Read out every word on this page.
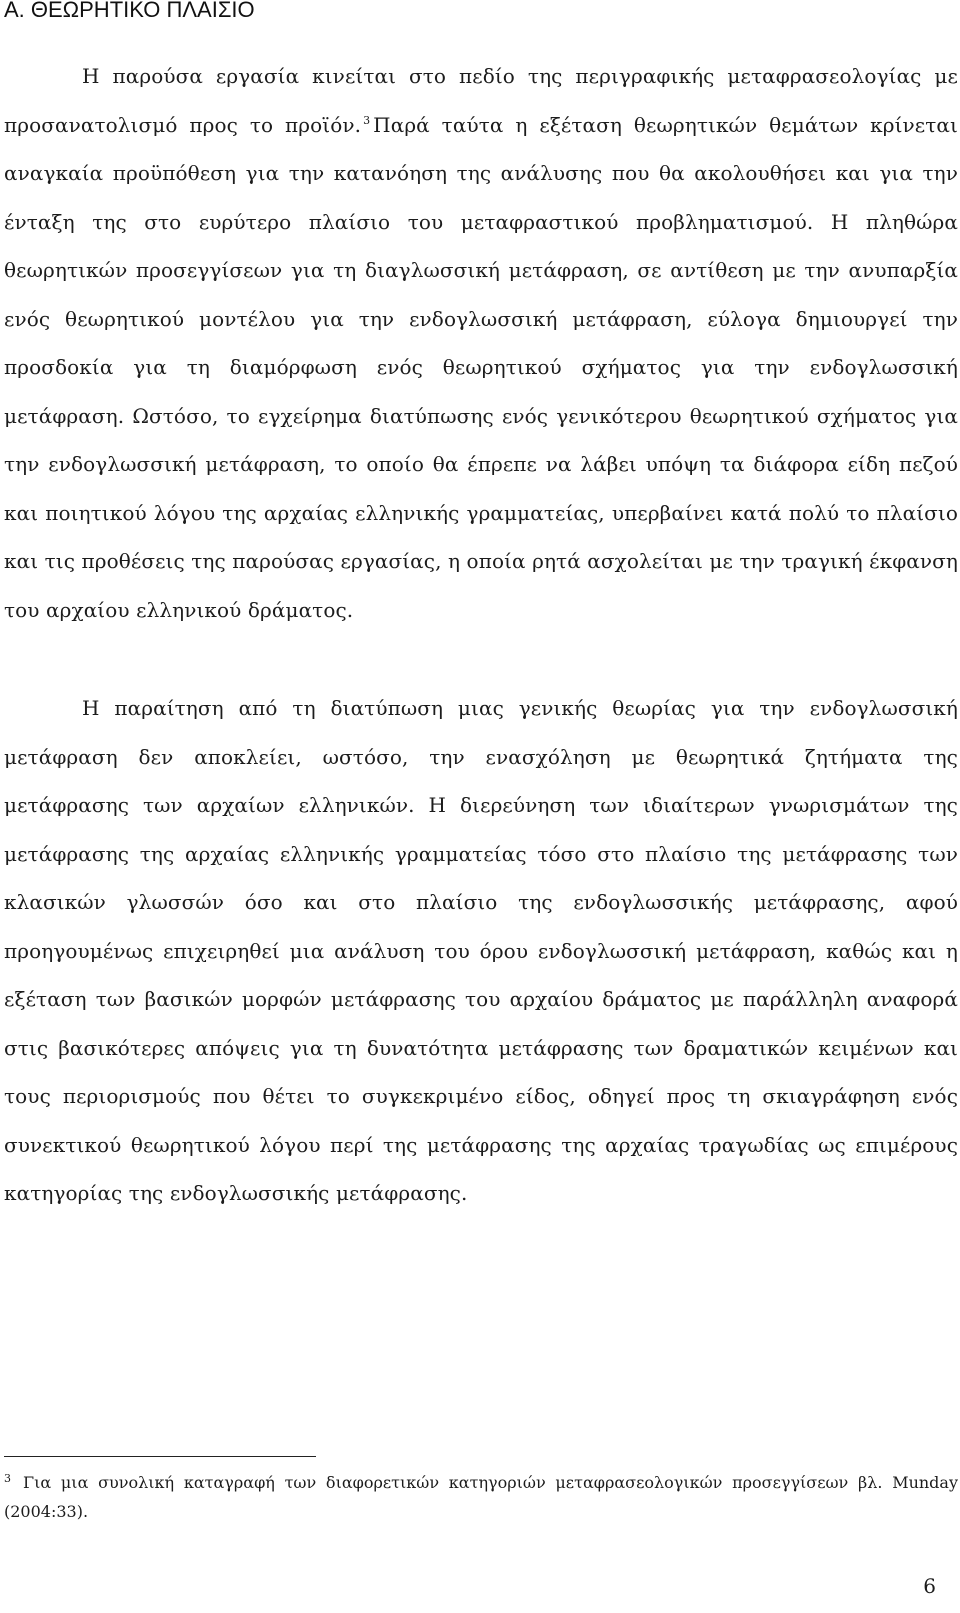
Α. ΘΕΩΡΗΤΙΚΟ ΠΛΑΙΣΙΟ

Η παρούσα εργασία κινείται στο πεδίο της περιγραφικής μεταφρασεολογίας με προσανατολισμό προς το προϊόν. $^3$ Παρά ταύτα η εξέταση θεωρητικών θεμάτων κρίνεται αναγκαία προϋπόθεση για την κατανόηση της ανάλυσης που θα ακολουθήσει και για την ένταξη της στο ευρύτερο πλαίσιο του μεταφραστικού προβληματισμού. Η πληθώρα θεωρητικών προσεγγίσεων για τη διαγλωσσική μετάφραση, σε αντίθεση με την ανυπαρξία ενός θεωρητικού μοντέλου για την ενδογλωσσική μετάφραση, εύλογα δημιουργεί την προσδοκία για τη διαμόρφωση ενός θεωρητικού σχήματος για την ενδογλωσσική μετάφραση. Ωστόσο, το εγχείρημα διατύπωσης ενός γενικότερου θεωρητικού σχήματος για την ενδογλωσσική μετάφραση, το οποίο θα έπρεπε να λάβει υπόψη τα διάφορα είδη πεζού και ποιητικού λόγου της αρχαίας ελληνικής γραμματείας, υπερβαίνει κατά πολύ το πλαίσιο και τις προθέσεις της παρούσας εργασίας, η οποία ρητά ασχολείται με την τραγική έκφανση του αρχαίου ελληνικού δράματος.

Η παραίτηση από τη διατύπωση μιας γενικής θεωρίας για την ενδογλωσσική μετάφραση δεν αποκλείει, ωστόσο, την ενασχόληση με θεωρητικά ζητήματα της μετάφρασης των αρχαίων ελληνικών. Η διερεύνηση των ιδιαίτερων γνωρισμάτων της μετάφρασης της αρχαίας ελληνικής γραμματείας τόσο στο πλαίσιο της μετάφρασης των κλασικών γλωσσών όσο και στο πλαίσιο της ενδογλωσσικής μετάφρασης, αφού προηγουμένως επιχειρηθεί μια ανάλυση του όρου ενδογλωσσική μετάφραση, καθώς και η εξέταση των βασικών μορφών μετάφρασης του αρχαίου δράματος με παράλληλη αναφορά στις βασικότερες απόψεις για τη δυνατότητα μετάφρασης των δραματικών κειμένων και τους περιορισμούς που θέτει το συγκεκριμένο είδος, οδηγεί προς τη σκιαγράφηση ενός συνεκτικού θεωρητικού λόγου περί της μετάφρασης της αρχαίας τραγωδίας ως επιμέρους κατηγορίας της ενδογλωσσικής μετάφρασης.

$^3$ Για μια συνολική καταγραφή των διαφορετικών κατηγοριών μεταφρασεολογικών προσεγγίσεων βλ. Munday (2004:33).

6
